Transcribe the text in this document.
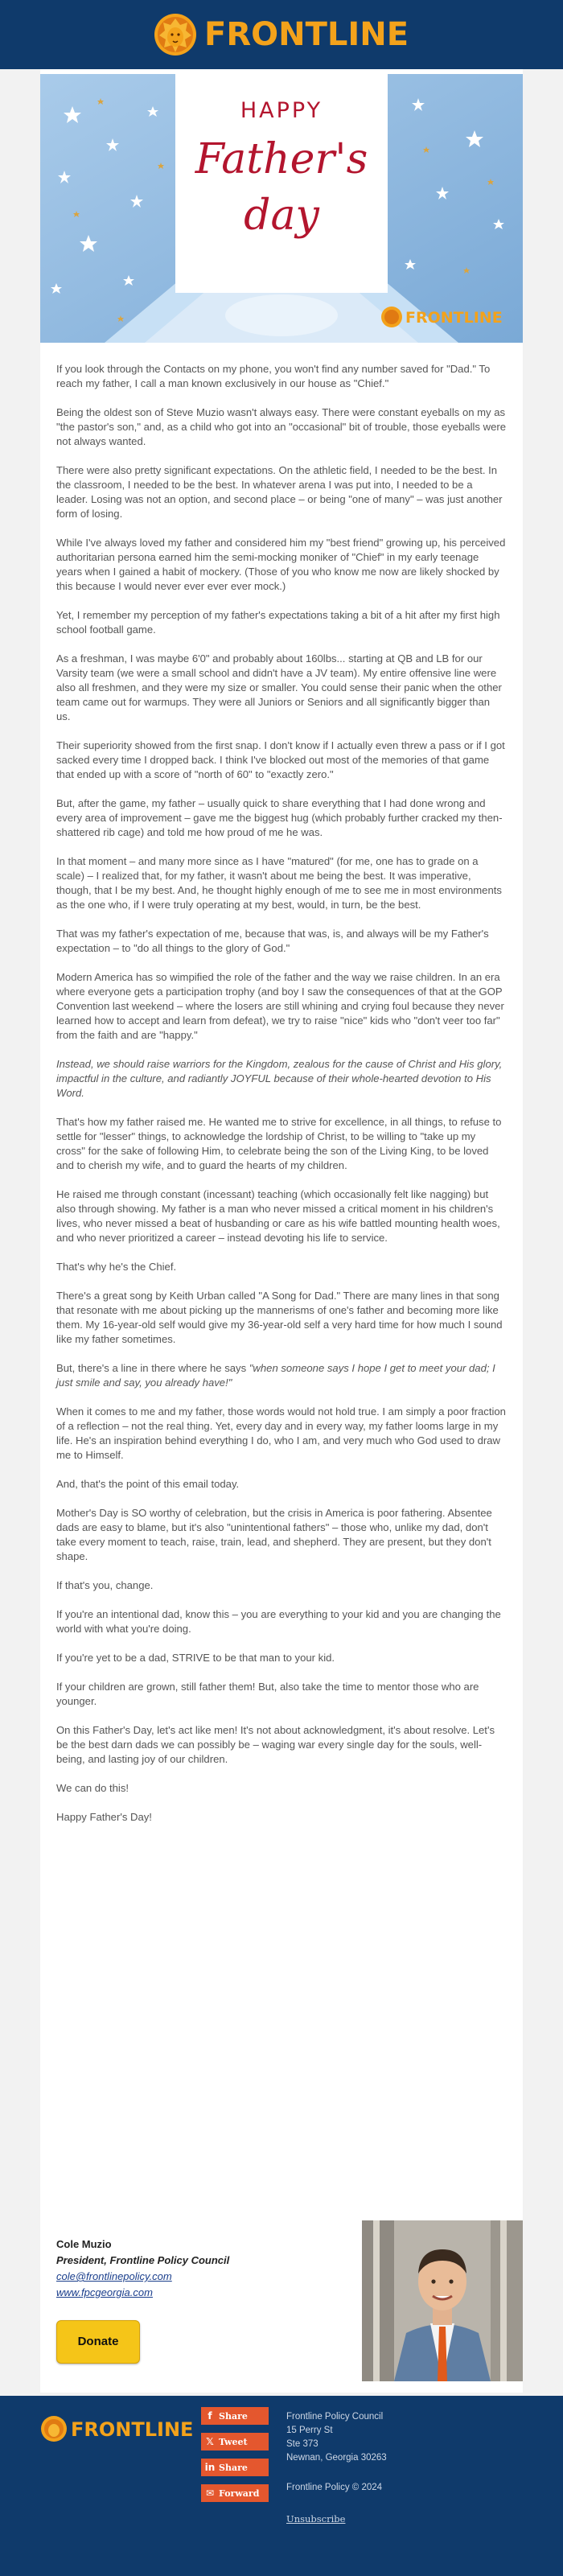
FRONTLINE
HAPPY
Father's
day
FRONTLINE

If you look through the Contacts on my phone, you won't find any number saved for "Dad." To reach my father, I call a man known exclusively in our house as "Chief."

Being the oldest son of Steve Muzio wasn't always easy. There were constant eyeballs on my as "the pastor's son," and, as a child who got into an "occasional" bit of trouble, those eyeballs were not always wanted.

There were also pretty significant expectations. On the athletic field, I needed to be the best. In the classroom, I needed to be the best. In whatever arena I was put into, I needed to be a leader. Losing was not an option, and second place – or being "one of many" – was just another form of losing.

While I've always loved my father and considered him my "best friend" growing up, his perceived authoritarian persona earned him the semi-mocking moniker of "Chief" in my early teenage years when I gained a habit of mockery. (Those of you who know me now are likely shocked by this because I would never ever ever ever mock.)

Yet, I remember my perception of my father's expectations taking a bit of a hit after my first high school football game.

As a freshman, I was maybe 6'0" and probably about 160lbs... starting at QB and LB for our Varsity team (we were a small school and didn't have a JV team). My entire offensive line were also all freshmen, and they were my size or smaller. You could sense their panic when the other team came out for warmups. They were all Juniors or Seniors and all significantly bigger than us.

Their superiority showed from the first snap. I don't know if I actually even threw a pass or if I got sacked every time I dropped back. I think I've blocked out most of the memories of that game that ended up with a score of "north of 60" to "exactly zero."

But, after the game, my father – usually quick to share everything that I had done wrong and every area of improvement – gave me the biggest hug (which probably further cracked my then-shattered rib cage) and told me how proud of me he was.

In that moment – and many more since as I have "matured" (for me, one has to grade on a scale) – I realized that, for my father, it wasn't about me being the best. It was imperative, though, that I be my best. And, he thought highly enough of me to see me in most environments as the one who, if I were truly operating at my best, would, in turn, be the best.

That was my father's expectation of me, because that was, is, and always will be my Father's expectation – to "do all things to the glory of God."

Modern America has so wimpified the role of the father and the way we raise children. In an era where everyone gets a participation trophy (and boy I saw the consequences of that at the GOP Convention last weekend – where the losers are still whining and crying foul because they never learned how to accept and learn from defeat), we try to raise "nice" kids who "don't veer too far" from the faith and are "happy."

Instead, we should raise warriors for the Kingdom, zealous for the cause of Christ and His glory, impactful in the culture, and radiantly JOYFUL because of their whole-hearted devotion to His Word.

That's how my father raised me. He wanted me to strive for excellence, in all things, to refuse to settle for "lesser" things, to acknowledge the lordship of Christ, to be willing to "take up my cross" for the sake of following Him, to celebrate being the son of the Living King, to be loved and to cherish my wife, and to guard the hearts of my children.

He raised me through constant (incessant) teaching (which occasionally felt like nagging) but also through showing. My father is a man who never missed a critical moment in his children's lives, who never missed a beat of husbanding or care as his wife battled mounting health woes, and who never prioritized a career – instead devoting his life to service.

That's why he's the Chief.

There's a great song by Keith Urban called "A Song for Dad." There are many lines in that song that resonate with me about picking up the mannerisms of one's father and becoming more like them. My 16-year-old self would give my 36-year-old self a very hard time for how much I sound like my father sometimes.

But, there's a line in there where he says "when someone says I hope I get to meet your dad; I just smile and say, you already have!"

When it comes to me and my father, those words would not hold true. I am simply a poor fraction of a reflection – not the real thing. Yet, every day and in every way, my father looms large in my life. He's an inspiration behind everything I do, who I am, and very much who God used to draw me to Himself.

And, that's the point of this email today.

Mother's Day is SO worthy of celebration, but the crisis in America is poor fathering. Absentee dads are easy to blame, but it's also "unintentional fathers" – those who, unlike my dad, don't take every moment to teach, raise, train, lead, and shepherd. They are present, but they don't shape.

If that's you, change.

If you're an intentional dad, know this – you are everything to your kid and you are changing the world with what you're doing.

If you're yet to be a dad, STRIVE to be that man to your kid.

If your children are grown, still father them! But, also take the time to mentor those who are younger.

On this Father's Day, let's act like men! It's not about acknowledgment, it's about resolve. Let's be the best darn dads we can possibly be – waging war every single day for the souls, well-being, and lasting joy of our children.

We can do this!

Happy Father's Day!

Cole Muzio
President, Frontline Policy Council
cole@frontlinepolicy.com
www.fpcgeorgia.com
Donate
FRONTLINE
f Share
𝕏 Tweet
in Share
✉ Forward
Frontline Policy Council
15 Perry St
Ste 373
Newnan, Georgia 30263
Frontline Policy © 2024
Unsubscribe
